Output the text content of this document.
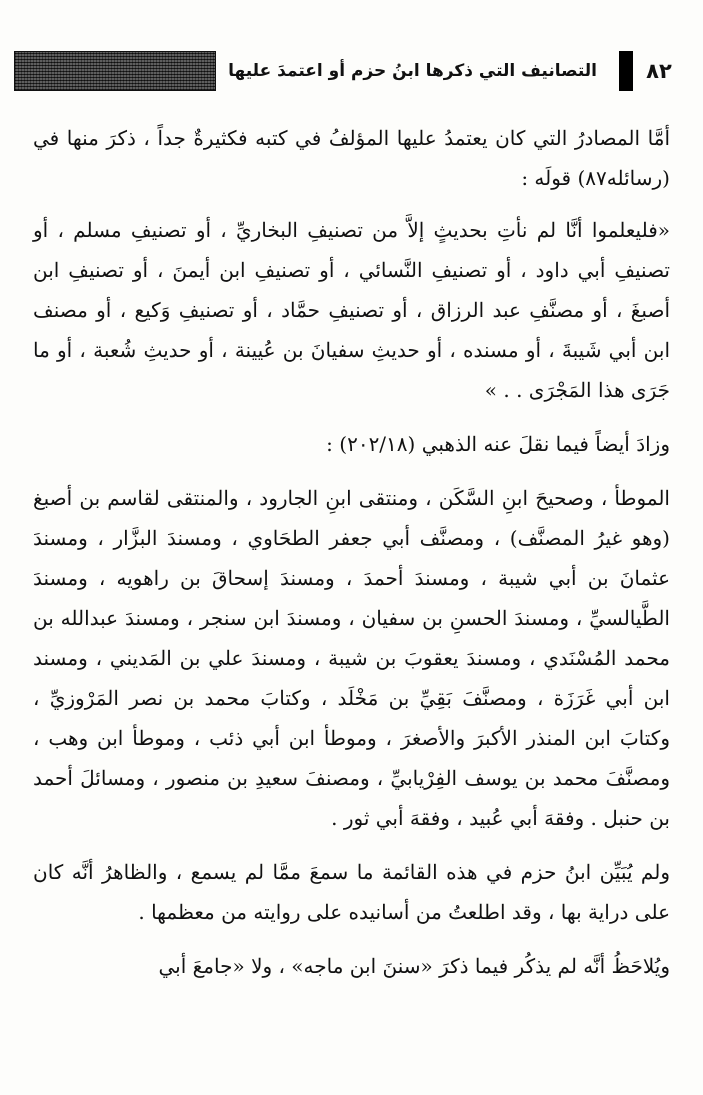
٨٢
التصانيف التي ذكرها ابنُ حزم أو اعتمدَ عليها

أمَّا المصادرُ التي كان يعتمدُ عليها المؤلفُ في كتبه فكثيرةٌ جداً ، ذكرَ منها في (رسائله٨٧) قولَه :

«فليعلموا أنَّا لم نأتِ بحديثٍ إلاَّ من تصنيفِ البخاريِّ ، أو تصنيفِ مسلم ، أو تصنيفِ أبي داود ، أو تصنيفِ النَّسائي ، أو تصنيفِ ابن أيمنَ ، أو تصنيفِ ابن أصبغَ ، أو مصنَّفِ عبد الرزاق ، أو تصنيفِ حمَّاد ، أو تصنيفِ وَكيع ، أو مصنف ابن أبي شَيبةَ ، أو مسنده ، أو حديثِ سفيانَ بن عُيينة ، أو حديثِ شُعبة ، أو ما جَرَى هذا المَجْرَى . . »

وزادَ أيضاً فيما نقلَ عنه الذهبي (٢٠٢/١٨) :

الموطأ ، وصحيحَ ابنِ السَّكَن ، ومنتقى ابنِ الجارود ، والمنتقى لقاسم بن أصبغ (وهو غيرُ المصنَّف) ، ومصنَّف أبي جعفر الطحَاوي ، ومسندَ البزَّار ، ومسندَ عثمانَ بن أبي شيبة ، ومسندَ أحمدَ ، ومسندَ إسحاقَ بن راهويه ، ومسندَ الطَّيالسيِّ ، ومسندَ الحسنِ بن سفيان ، ومسندَ ابن سنجر ، ومسندَ عبدالله بن محمد المُسْنَدي ، ومسندَ يعقوبَ بن شيبة ، ومسندَ علي بن المَديني ، ومسند ابن أبي غَرَزَة ، ومصنَّفَ بَقِيِّ بن مَخْلَد ، وكتابَ محمد بن نصر المَرْوزيِّ ، وكتابَ ابن المنذر الأكبرَ والأصغرَ ، وموطأ ابن أبي ذئب ، وموطأ ابن وهب ، ومصنَّفَ محمد بن يوسف الفِرْيابيِّ ، ومصنفَ سعيدِ بن منصور ، ومسائلَ أحمد بن حنبل . وفقهَ أبي عُبيد ، وفقهَ أبي ثور .

ولم يُبَيِّن ابنُ حزم في هذه القائمة ما سمعَ ممَّا لم يسمع ، والظاهرُ أنَّه كان على دراية بها ، وقد اطلعتُ من أسانيده على روايته من معظمها .

ويُلاحَظُ أنَّه لم يذكُر فيما ذكرَ «سننَ ابن ماجه» ، ولا «جامعَ أبي
